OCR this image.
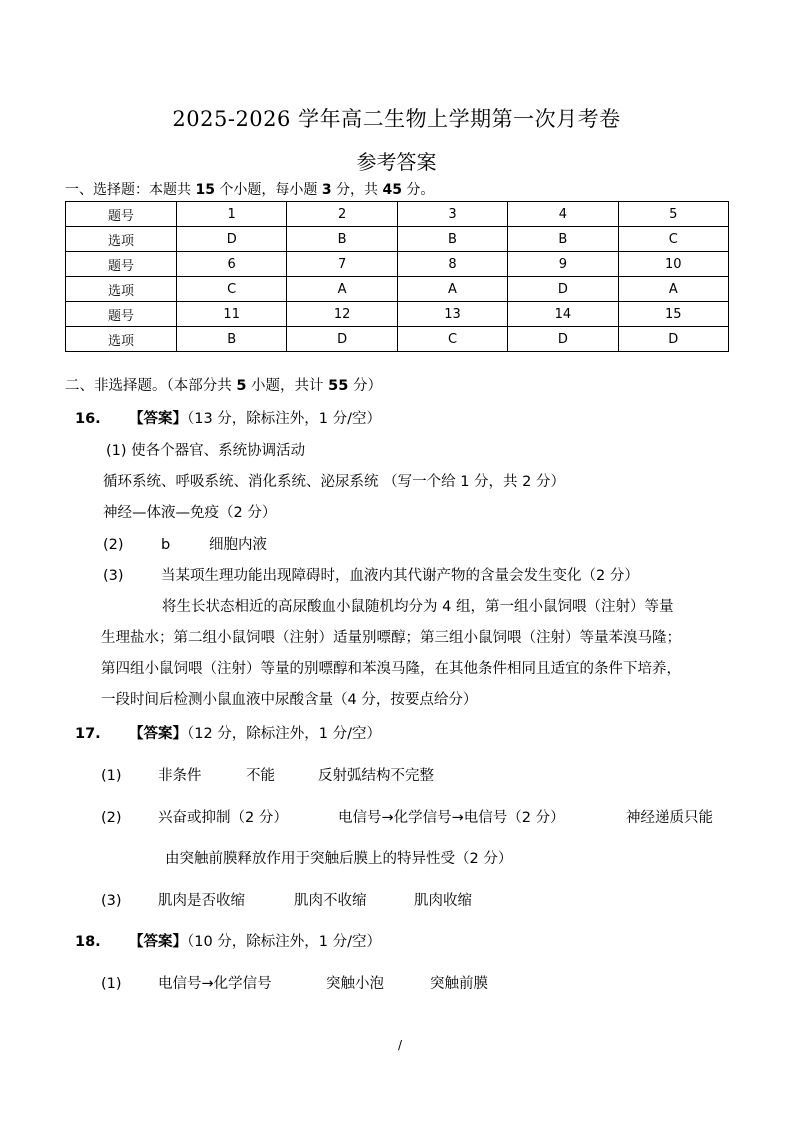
2025-2026 学年高二生物上学期第一次月考卷
参考答案
一、选择题：本题共 15 个小题，每小题 3 分，共 45 分。
题号	1	2	3	4	5
选项	D	B	B	B	C
题号	6	7	8	9	10
选项	C	A	A	D	A
题号	11	12	13	14	15
选项	B	D	C	D	D
二、非选择题。（本部分共 5 小题，共计 55 分）
16. 【答案】（13 分，除标注外，1 分/空）
(1) 使各个器官、系统协调活动
循环系统、呼吸系统、消化系统、泌尿系统 （写一个给 1 分，共 2 分）
神经—体液—免疫（2 分）
(2)	b	细胞内液
(3)	当某项生理功能出现障碍时，血液内其代谢产物的含量会发生变化（2 分）
将生长状态相近的高尿酸血小鼠随机均分为 4 组，第一组小鼠饲喂（注射）等量
生理盐水；第二组小鼠饲喂（注射）适量别嘌醇；第三组小鼠饲喂（注射）等量苯溴马隆；
第四组小鼠饲喂（注射）等量的别嘌醇和苯溴马隆，在其他条件相同且适宜的条件下培养，
一段时间后检测小鼠血液中尿酸含量（4 分，按要点给分）
17. 【答案】（12 分，除标注外，1 分/空）
(1)	非条件	不能	反射弧结构不完整
(2)	兴奋或抑制（2 分）	电信号→化学信号→电信号（2 分）	神经递质只能
由突触前膜释放作用于突触后膜上的特异性受（2 分）
(3)	肌肉是否收缩	肌肉不收缩	肌肉收缩
18. 【答案】（10 分，除标注外，1 分/空）
(1)	电信号→化学信号	突触小泡	突触前膜
/
